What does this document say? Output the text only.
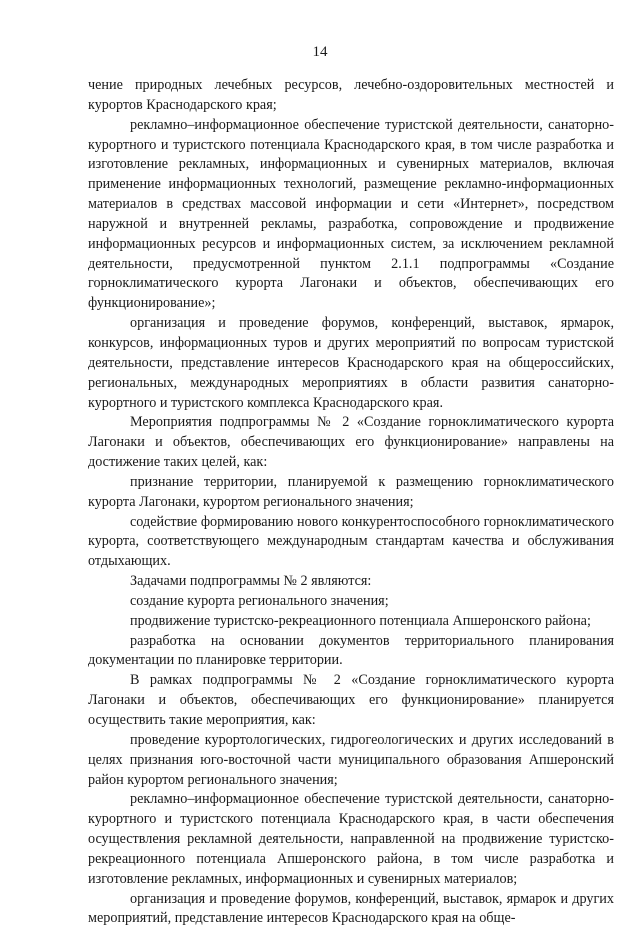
14

чение природных лечебных ресурсов, лечебно-оздоровительных местностей и курортов Краснодарского края;

рекламно–информационное обеспечение туристской деятельности, санаторно-курортного и туристского потенциала Краснодарского края, в том числе разработка и изготовление рекламных, информационных и сувенирных материалов, включая применение информационных технологий, размещение рекламно-информационных материалов в средствах массовой информации и сети «Интернет», посредством наружной и внутренней рекламы, разработка, сопровождение и продвижение информационных ресурсов и информационных систем, за исключением рекламной деятельности, предусмотренной пунктом 2.1.1 подпрограммы «Создание горноклиматического курорта Лагонаки и объектов, обеспечивающих его функционирование»;

организация и проведение форумов, конференций, выставок, ярмарок, конкурсов, информационных туров и других мероприятий по вопросам туристской деятельности, представление интересов Краснодарского края на общероссийских, региональных, международных мероприятиях в области развития санаторно-курортного и туристского комплекса Краснодарского края.

Мероприятия подпрограммы № 2 «Создание горноклиматического курорта Лагонаки и объектов, обеспечивающих его функционирование» направлены на достижение таких целей, как:

признание территории, планируемой к размещению горноклиматического курорта Лагонаки, курортом регионального значения;

содействие формированию нового конкурентоспособного горноклиматического курорта, соответствующего международным стандартам качества и обслуживания отдыхающих.

Задачами подпрограммы № 2 являются:

создание курорта регионального значения;

продвижение туристско-рекреационного потенциала Апшеронского района;

разработка на основании документов территориального планирования документации по планировке территории.

В рамках подпрограммы № 2 «Создание горноклиматического курорта Лагонаки и объектов, обеспечивающих его функционирование» планируется осуществить такие мероприятия, как:

проведение курортологических, гидрогеологических и других исследований в целях признания юго-восточной части муниципального образования Апшеронский район курортом регионального значения;

рекламно–информационное обеспечение туристской деятельности, санаторно-курортного и туристского потенциала Краснодарского края, в части обеспечения осуществления рекламной деятельности, направленной на продвижение туристско-рекреационного потенциала Апшеронского района, в том числе разработка и изготовление рекламных, информационных и сувенирных материалов;

организация и проведение форумов, конференций, выставок, ярмарок и других мероприятий, представление интересов Краснодарского края на обще-
